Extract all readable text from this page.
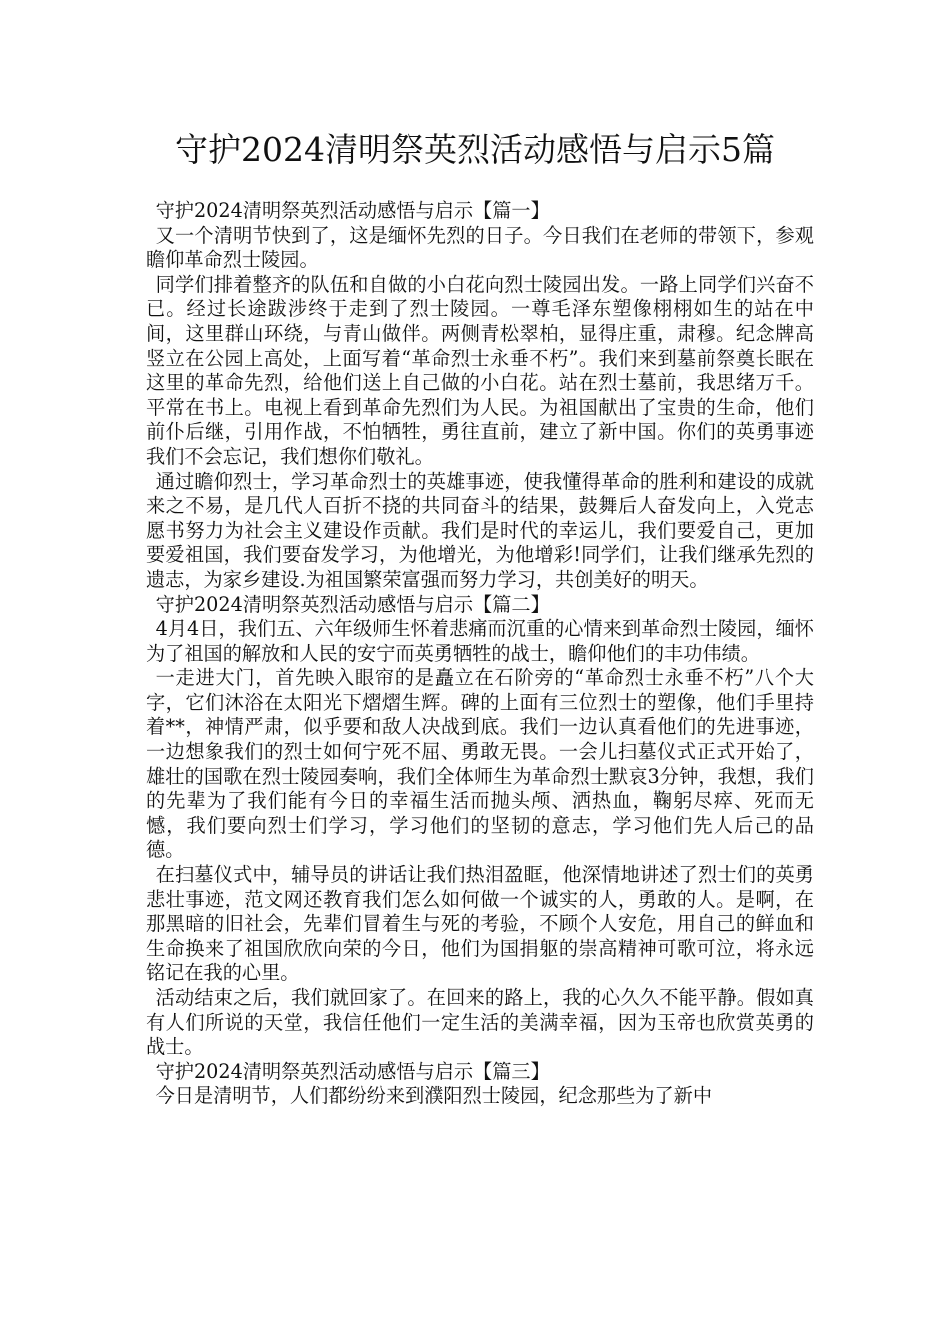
守护2024清明祭英烈活动感悟与启示5篇

守护2024清明祭英烈活动感悟与启示【篇一】

又一个清明节快到了，这是缅怀先烈的日子。今日我们在老师的带领下，参观瞻仰革命烈士陵园。

同学们排着整齐的队伍和自做的小白花向烈士陵园出发。一路上同学们兴奋不已。经过长途跋涉终于走到了烈士陵园。一尊毛泽东塑像栩栩如生的站在中间，这里群山环绕，与青山做伴。两侧青松翠柏，显得庄重，肃穆。纪念牌高竖立在公园上高处，上面写着“革命烈士永垂不朽”。我们来到墓前祭奠长眠在这里的革命先烈，给他们送上自己做的小白花。站在烈士墓前，我思绪万千。平常在书上。电视上看到革命先烈们为人民。为祖国献出了宝贵的生命，他们前仆后继，引用作战，不怕牺牲，勇往直前，建立了新中国。你们的英勇事迹我们不会忘记，我们想你们敬礼。

通过瞻仰烈士，学习革命烈士的英雄事迹，使我懂得革命的胜利和建设的成就来之不易，是几代人百折不挠的共同奋斗的结果，鼓舞后人奋发向上，入党志愿书努力为社会主义建设作贡献。我们是时代的幸运儿，我们要爱自己，更加要爱祖国，我们要奋发学习，为他增光，为他增彩!同学们，让我们继承先烈的遗志，为家乡建设.为祖国繁荣富强而努力学习，共创美好的明天。

守护2024清明祭英烈活动感悟与启示【篇二】

4月4日，我们五、六年级师生怀着悲痛而沉重的心情来到革命烈士陵园，缅怀为了祖国的解放和人民的安宁而英勇牺牲的战士，瞻仰他们的丰功伟绩。

一走进大门，首先映入眼帘的是矗立在石阶旁的“革命烈士永垂不朽”八个大字，它们沐浴在太阳光下熠熠生辉。碑的上面有三位烈士的塑像，他们手里持着**，神情严肃，似乎要和敌人决战到底。我们一边认真看他们的先进事迹，一边想象我们的烈士如何宁死不屈、勇敢无畏。一会儿扫墓仪式正式开始了，雄壮的国歌在烈士陵园奏响，我们全体师生为革命烈士默哀3分钟，我想，我们的先辈为了我们能有今日的幸福生活而抛头颅、洒热血，鞠躬尽瘁、死而无憾，我们要向烈士们学习，学习他们的坚韧的意志，学习他们先人后己的品德。

在扫墓仪式中，辅导员的讲话让我们热泪盈眶，他深情地讲述了烈士们的英勇悲壮事迹，范文网还教育我们怎么如何做一个诚实的人，勇敢的人。是啊，在那黑暗的旧社会，先辈们冒着生与死的考验，不顾个人安危，用自己的鲜血和生命换来了祖国欣欣向荣的今日，他们为国捐躯的崇高精神可歌可泣，将永远铭记在我的心里。

活动结束之后，我们就回家了。在回来的路上，我的心久久不能平静。假如真有人们所说的天堂，我信任他们一定生活的美满幸福，因为玉帝也欣赏英勇的战士。

守护2024清明祭英烈活动感悟与启示【篇三】

今日是清明节，人们都纷纷来到濮阳烈士陵园，纪念那些为了新中
